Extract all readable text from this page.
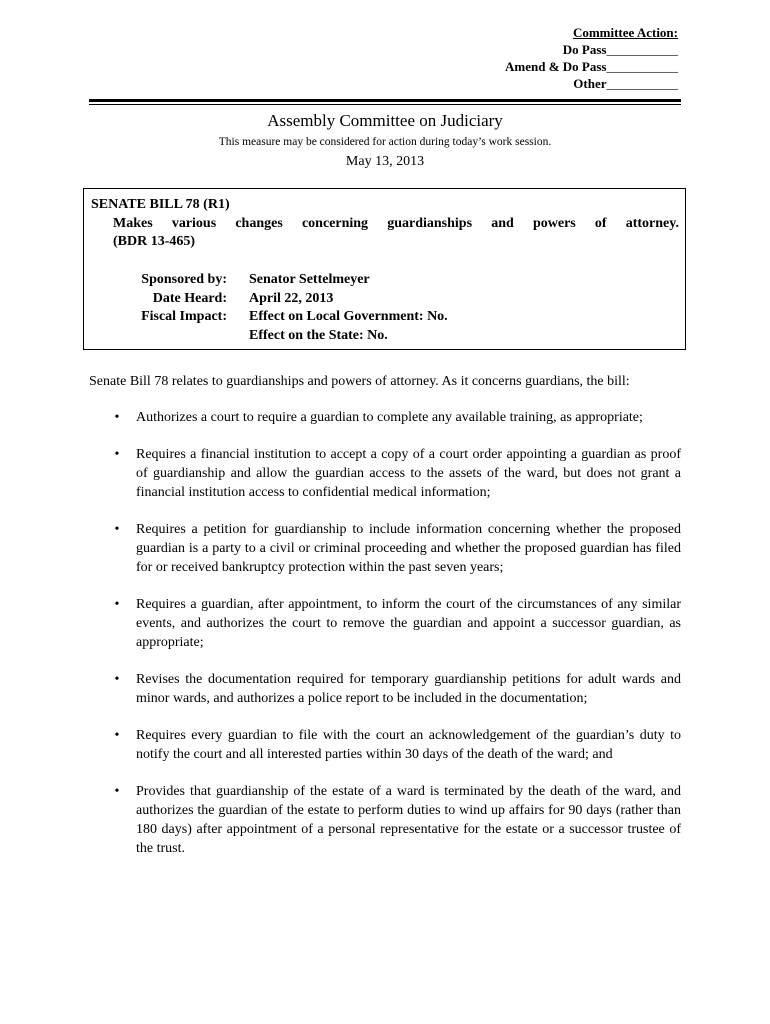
Committee Action:
Do Pass___________
Amend & Do Pass___________
Other___________
Assembly Committee on Judiciary
This measure may be considered for action during today’s work session.
May 13, 2013
SENATE BILL 78 (R1)
Makes various changes concerning guardianships and powers of attorney.
(BDR 13-465)
Sponsored by: Senator Settelmeyer
Date Heard: April 22, 2013
Fiscal Impact: Effect on Local Government: No.
Effect on the State: No.
Senate Bill 78 relates to guardianships and powers of attorney. As it concerns guardians, the bill:
• Authorizes a court to require a guardian to complete any available training, as appropriate;
• Requires a financial institution to accept a copy of a court order appointing a guardian as proof of guardianship and allow the guardian access to the assets of the ward, but does not grant a financial institution access to confidential medical information;
• Requires a petition for guardianship to include information concerning whether the proposed guardian is a party to a civil or criminal proceeding and whether the proposed guardian has filed for or received bankruptcy protection within the past seven years;
• Requires a guardian, after appointment, to inform the court of the circumstances of any similar events, and authorizes the court to remove the guardian and appoint a successor guardian, as appropriate;
• Revises the documentation required for temporary guardianship petitions for adult wards and minor wards, and authorizes a police report to be included in the documentation;
• Requires every guardian to file with the court an acknowledgement of the guardian’s duty to notify the court and all interested parties within 30 days of the death of the ward; and
• Provides that guardianship of the estate of a ward is terminated by the death of the ward, and authorizes the guardian of the estate to perform duties to wind up affairs for 90 days (rather than 180 days) after appointment of a personal representative for the estate or a successor trustee of the trust.
